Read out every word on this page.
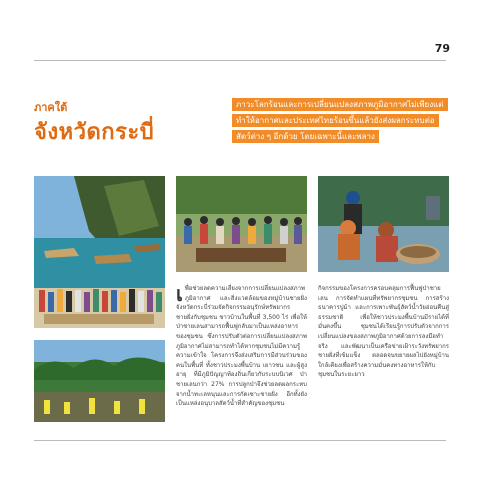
79
ภาคใต้
จังหวัดกระบี่
ภาวะโลกร้อนและการเปลี่ยนแปลงสภาพภูมิอากาศไม่เพียงแต่
ทำให้อากาศและประเทศไทยร้อนขึ้นแล้วยังส่งผลกระทบต่อ
สัตว์ต่าง ๆ อีกด้วย โดยเฉพาะนี้และพลาง

เพื่อช่วยลดความเสี่ยงจากการเปลี่ยนแปลงสภาพภูมิอากาศ และสิ่งแวดล้อมของหมู่บ้านชายฝั่ง จังหวัดกระบี่ร่วมจัดกิจกรรมอนุรักษ์ทรัพยากรชายฝั่งกับชุมชน ชาวบ้านในพื้นที่ 3,500 ไร่ เพื่อให้ป่าชายเลนสามารถฟื้นฟูกลับมาเป็นแหล่งอาหารของชุมชน ซึ่งการปรับตัวต่อการเปลี่ยนแปลงสภาพภูมิอากาศไม่สามารถทำได้หากชุมชนไม่มีความรู้ความเข้าใจ โครงการจึงส่งเสริมการมีส่วนร่วมของคนในพื้นที่ ทั้งชาวประมงพื้นบ้าน เยาวชน และผู้สูงอายุ ที่มีภูมิปัญญาท้องถิ่นเกี่ยวกับระบบนิเวศ ป่าชายเลนกว่า 27% การปลูกป่าจึงช่วยลดผลกระทบจากน้ำทะเลหนุนและการกัดเซาะชายฝั่ง อีกทั้งยังเป็นแหล่งอนุบาลสัตว์น้ำที่สำคัญของชุมชน

กิจกรรมของโครงการครอบคลุมการฟื้นฟูป่าชายเลน การจัดทำแผนที่ทรัพยากรชุมชน การสร้างธนาคารปูม้า และการเพาะพันธุ์สัตว์น้ำวัยอ่อนคืนสู่ธรรมชาติ เพื่อให้ชาวประมงพื้นบ้านมีรายได้ที่มั่นคงขึ้น ชุมชนได้เรียนรู้การปรับตัวจากการเปลี่ยนแปลงของสภาพภูมิอากาศด้วยการลงมือทำจริง และพัฒนาเป็นเครือข่ายเฝ้าระวังทรัพยากรชายฝั่งที่เข้มแข็ง ตลอดจนขยายผลไปยังหมู่บ้านใกล้เคียงเพื่อสร้างความมั่นคงทางอาหารให้กับชุมชนในระยะยาว
